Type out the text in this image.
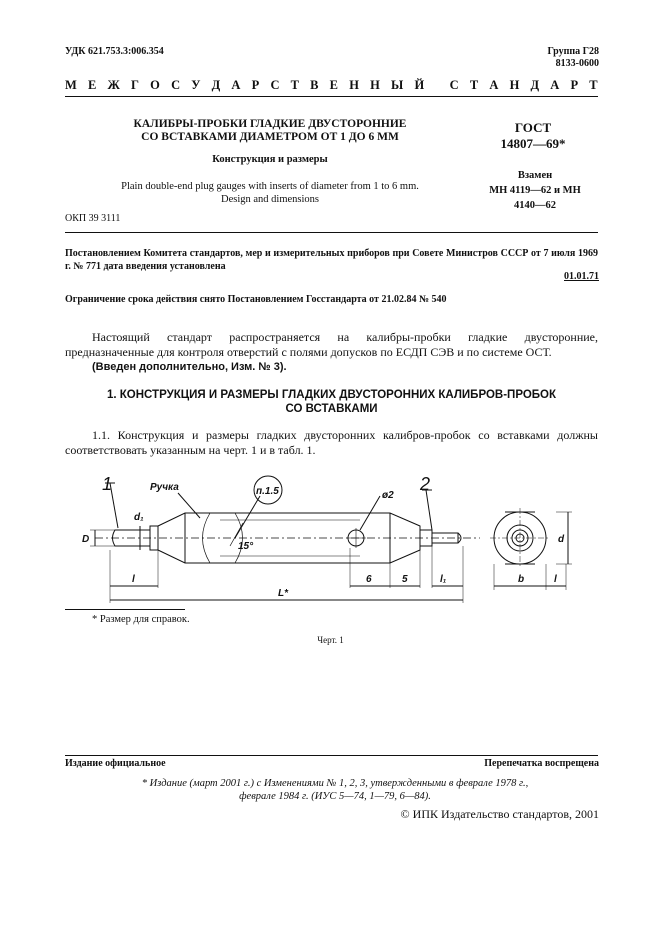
УДК 621.753.3:006.354	Группа Г28
8133-0600
М Е Ж Г О С У Д А Р С Т В Е Н Н Ы Й
С Т А Н Д А Р Т
КАЛИБРЫ-ПРОБКИ ГЛАДКИЕ ДВУСТОРОННИЕ
СО ВСТАВКАМИ ДИАМЕТРОМ ОТ 1 ДО 6 ММ
Конструкция и размеры
Plain double-end plug gauges with inserts of diameter from 1 to 6 mm.
Design and dimensions
ОКП 39 3111
ГОСТ
14807—69*
Взамен
МН 4119—62 и МН
4140—62
Постановлением Комитета стандартов, мер и измерительных приборов при Совете Министров СССР от 7 июля 1969 г. № 771 дата введения установлена
01.01.71
Ограничение срока действия снято Постановлением Госстандарта от 21.02.84 № 540

Настоящий стандарт распространяется на калибры-пробки гладкие двусторонние, предназначенные для контроля отверстий с полями допусков по ЕСДП СЭВ и по системе ОСТ.

(Введен дополнительно, Изм. № 3).

1. КОНСТРУКЦИЯ И РАЗМЕРЫ ГЛАДКИХ ДВУСТОРОННИХ КАЛИБРОВ-ПРОБОК
СО ВСТАВКАМИ
1.1. Конструкция и размеры гладких двусторонних калибров-пробок со вставками должны соответствовать указанным на черт. 1 и в табл. 1.
1	2
Ручка	п.1.5	ø2
15°
D
d₁
l
L*
6	5	l₁
d
b	l
* Размер для справок.
Черт. 1
Издание официальное	Перепечатка воспрещена
* Издание (март 2001 г.) с Изменениями № 1, 2, 3, утвержденными в феврале 1978 г.,
феврале 1984 г. (ИУС 5—74, 1—79, 6—84).
© ИПК Издательство стандартов, 2001
